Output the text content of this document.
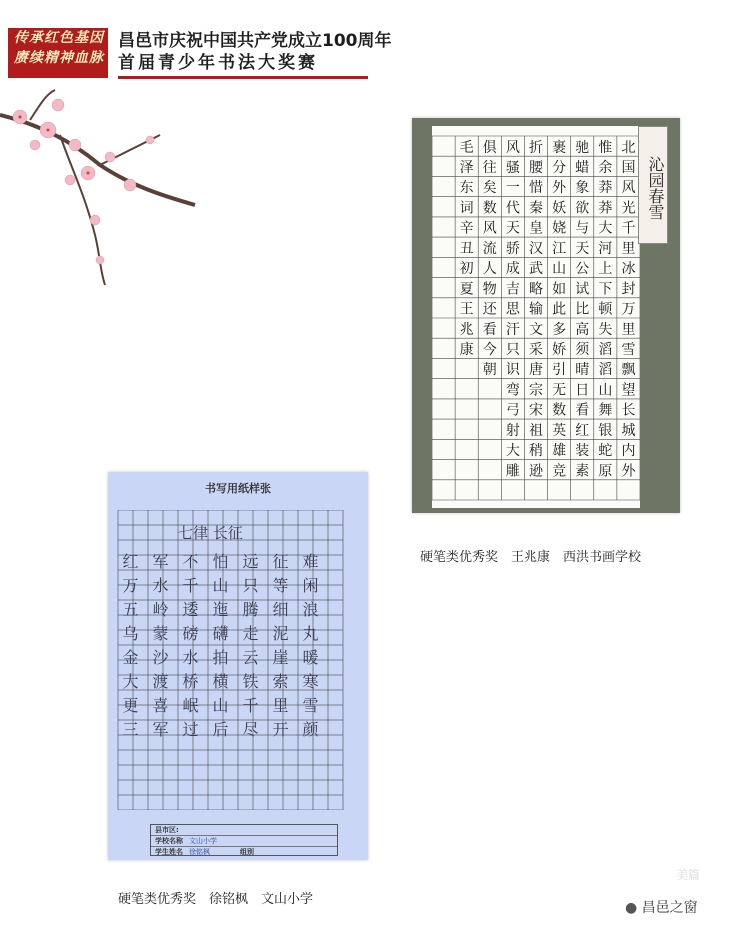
传承红色基因
赓续精神血脉
昌邑市庆祝中国共产党成立100周年
首届青少年书法大奖赛
北
国
风
光
千
里
冰
封
万
里
雪
飘
望
长
城
内
外
惟
余
莽
莽
大
河
上
下
顿
失
滔
滔
山
舞
银
蛇
原
驰
蜡
象
欲
与
天
公
试
比
高
须
晴
日
看
红
装
素
裹
分
外
妖
娆
江
山
如
此
多
娇
引
无
数
英
雄
竞
折
腰
惜
秦
皇
汉
武
略
输
文
采
唐
宗
宋
祖
稍
逊
风
骚
一
代
天
骄
成
吉
思
汗
只
识
弯
弓
射
大
雕
俱
往
矣
数
风
流
人
物
还
看
今
朝
毛
泽
东
词
辛
丑
初
夏
王
兆
康
沁园春雪
硬笔类优秀奖　王兆康　西洪书画学校
书写用纸样张
七律 长征
红 军 不 怕 远 征 难
万 水 千 山 只 等 闲
五 岭 逶 迤 腾 细 浪
乌 蒙 磅 礴 走 泥 丸
金 沙 水 拍 云 崖 暖
大 渡 桥 横 铁 索 寒
更 喜 岷 山 千 里 雪
三 军 过 后 尽 开 颜
县市区:
学校名称 文山小学
学生姓名 徐铭枫	组别
硬笔类优秀奖　徐铭枫　文山小学
美篇
● 昌邑之窗
